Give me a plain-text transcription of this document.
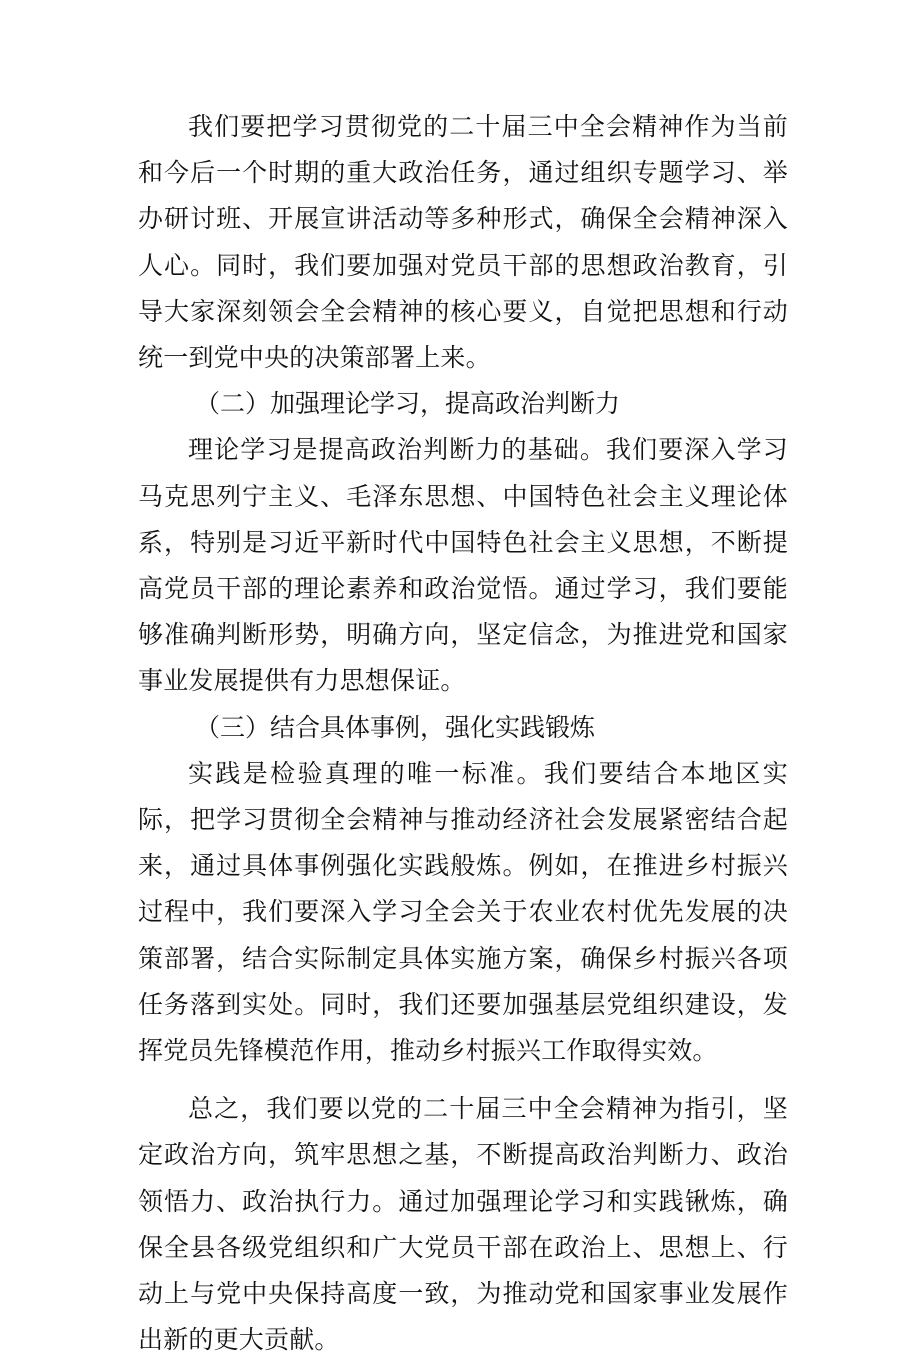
我们要把学习贯彻党的二十届三中全会精神作为当前和今后一个时期的重大政治任务，通过组织专题学习、举办研讨班、开展宣讲活动等多种形式，确保全会精神深入人心。同时，我们要加强对党员干部的思想政治教育，引导大家深刻领会全会精神的核心要义，自觉把思想和行动统一到党中央的决策部署上来。

（二）加强理论学习，提高政治判断力

理论学习是提高政治判断力的基础。我们要深入学习马克思列宁主义、毛泽东思想、中国特色社会主义理论体系，特别是习近平新时代中国特色社会主义思想，不断提高党员干部的理论素养和政治觉悟。通过学习，我们要能够准确判断形势，明确方向，坚定信念，为推进党和国家事业发展提供有力思想保证。

（三）结合具体事例，强化实践锻炼

实践是检验真理的唯一标准。我们要结合本地区实际，把学习贯彻全会精神与推动经济社会发展紧密结合起来，通过具体事例强化实践般炼。例如，在推进乡村振兴过程中，我们要深入学习全会关于农业农村优先发展的决策部署，结合实际制定具体实施方案，确保乡村振兴各项任务落到实处。同时，我们还要加强基层党组织建设，发挥党员先锋模范作用，推动乡村振兴工作取得实效。

总之，我们要以党的二十届三中全会精神为指引，坚定政治方向，筑牢思想之基，不断提高政治判断力、政治领悟力、政治执行力。通过加强理论学习和实践锹炼，确保全县各级党组织和广大党员干部在政治上、思想上、行动上与党中央保持高度一致，为推动党和国家事业发展作出新的更大贡献。
